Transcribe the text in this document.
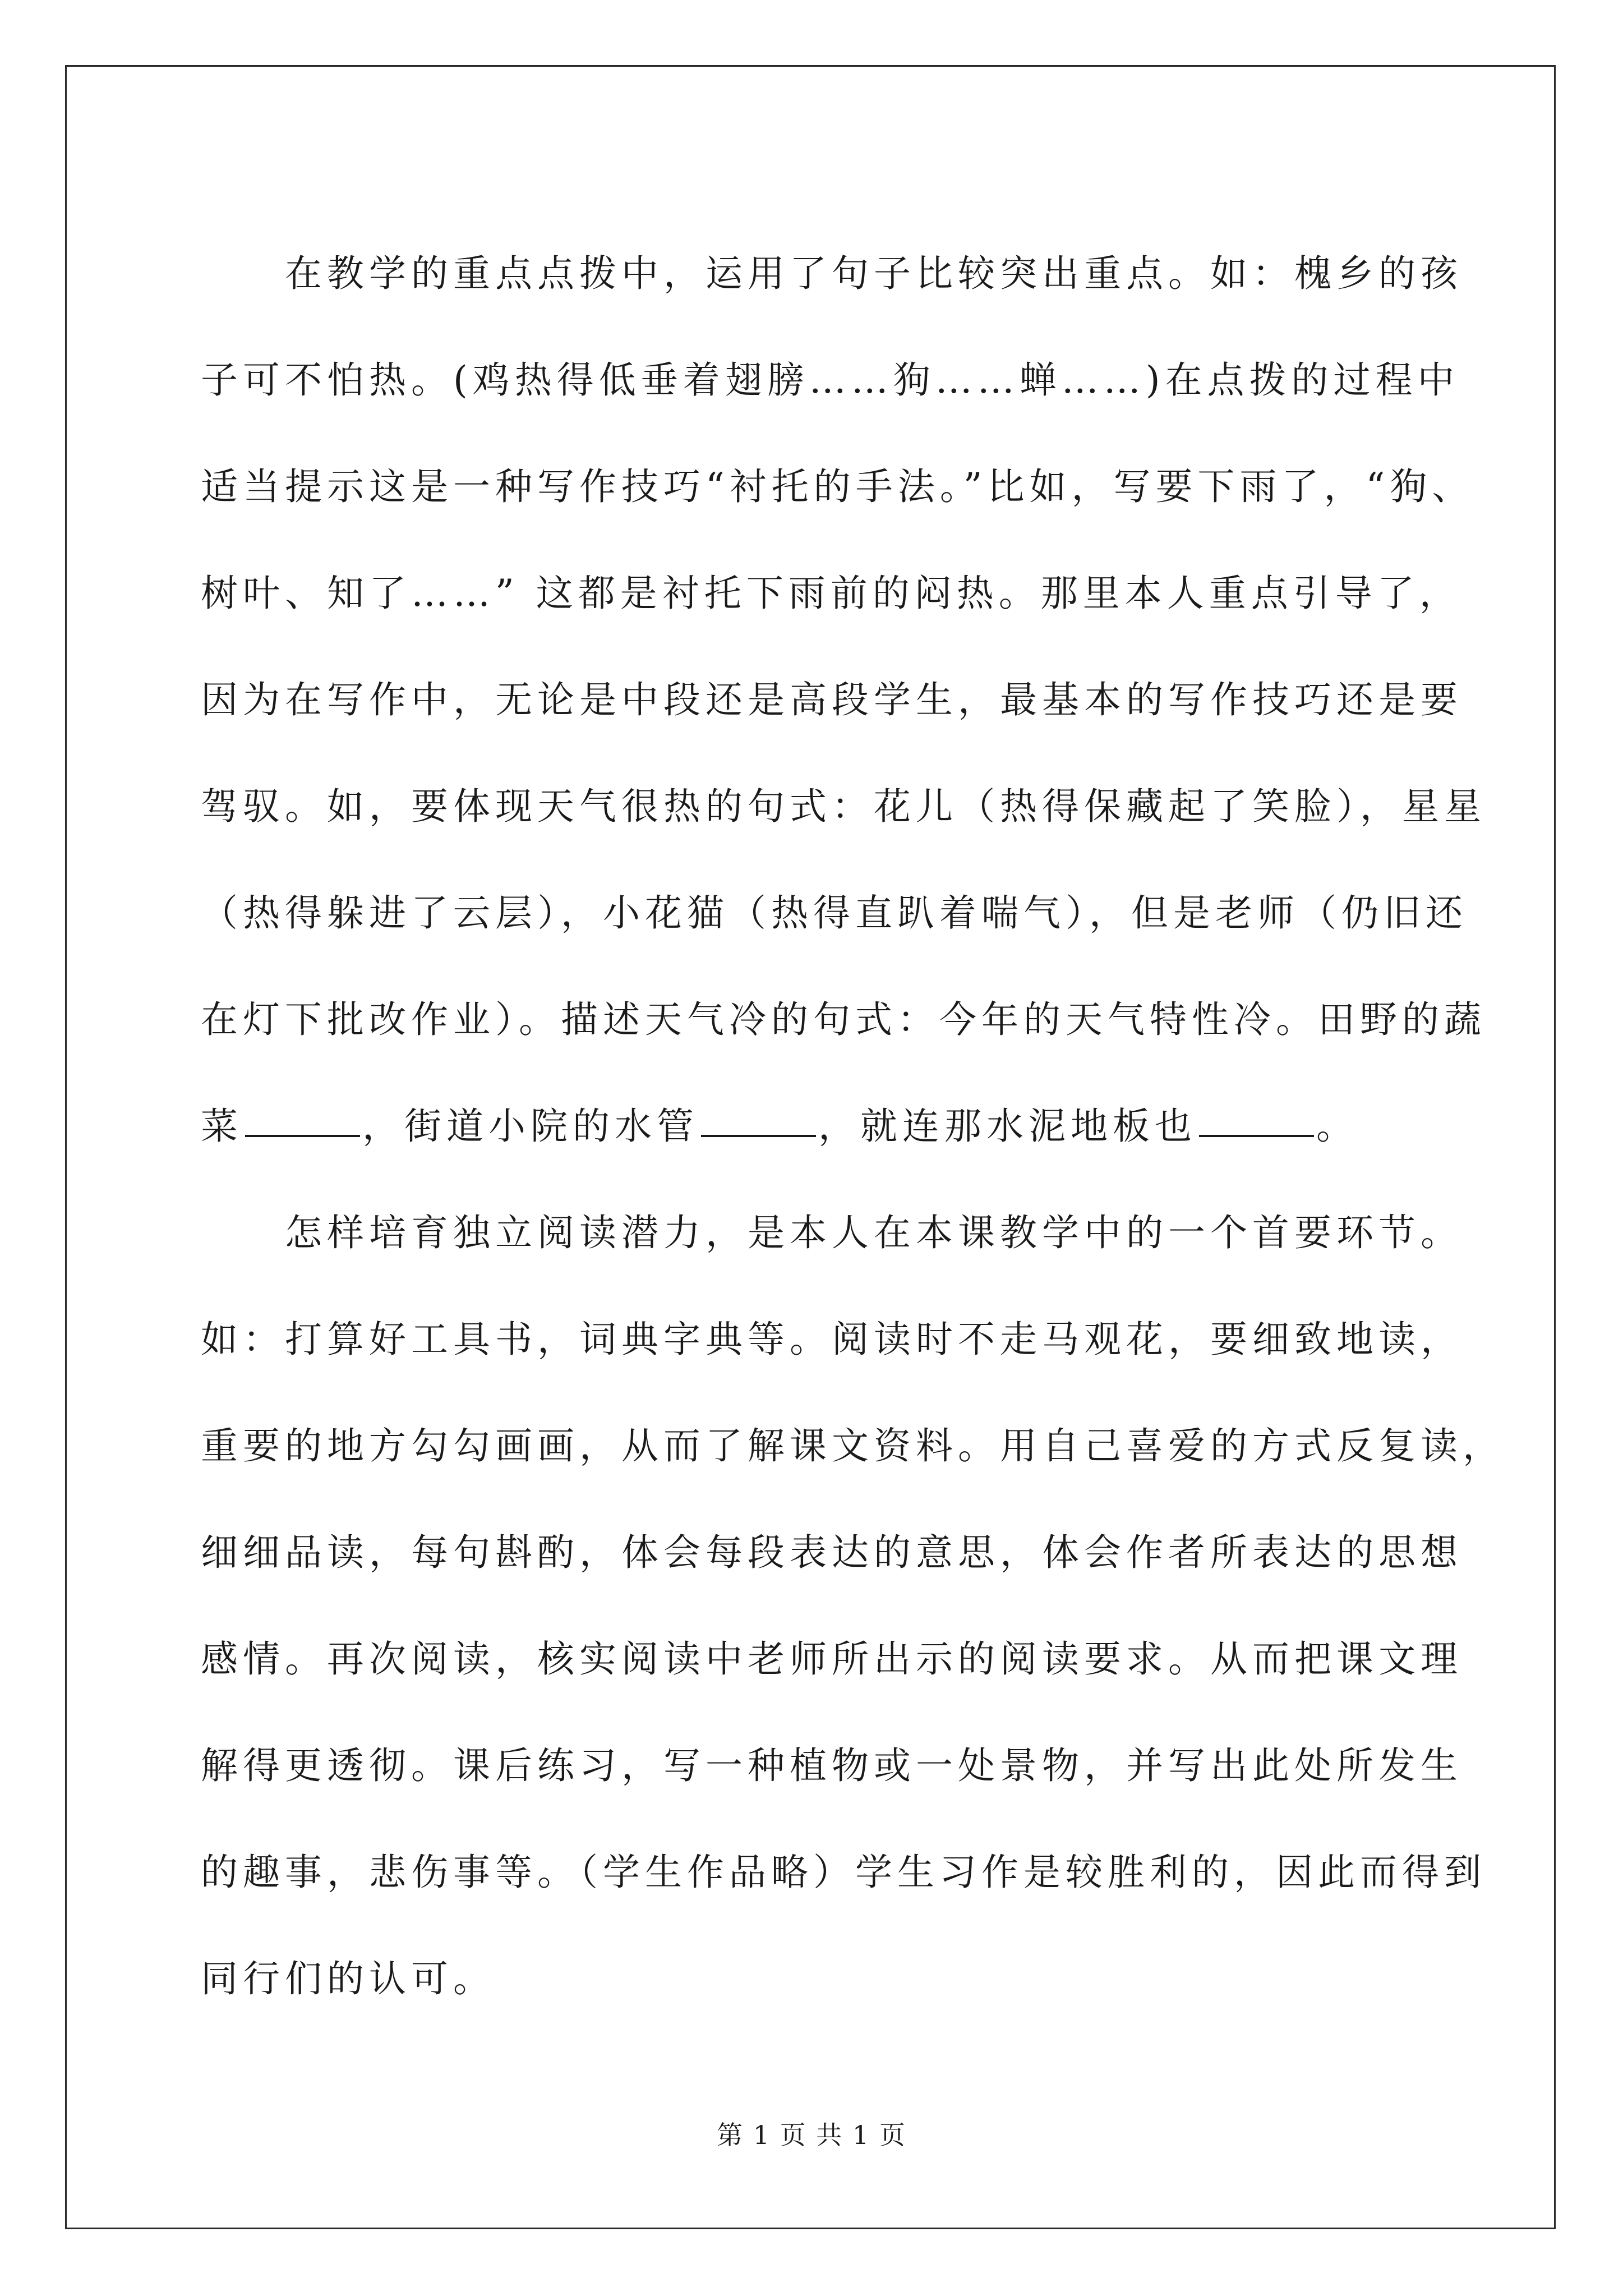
在教学的重点点拨中，运用了句子比较突出重点。如：槐乡的孩
子可不怕热。(鸡热得低垂着翅膀……狗……蝉……)在点拨的过程中
适当提示这是一种写作技巧“衬托的手法。”比如，写要下雨了，“狗、
树叶、知了……” 这都是衬托下雨前的闷热。那里本人重点引导了，
因为在写作中，无论是中段还是高段学生，最基本的写作技巧还是要
驾驭。如，要体现天气很热的句式：花儿（热得保藏起了笑脸），星星
（热得躲进了云层），小花猫（热得直趴着喘气），但是老师（仍旧还
在灯下批改作业）。描述天气冷的句式：今年的天气特性冷。田野的蔬
菜	，街道小院的水管	，就连那水泥地板也	。
怎样培育独立阅读潜力，是本人在本课教学中的一个首要环节。
如：打算好工具书，词典字典等。阅读时不走马观花，要细致地读，
重要的地方勾勾画画，从而了解课文资料。用自己喜爱的方式反复读，
细细品读，每句斟酌，体会每段表达的意思，体会作者所表达的思想
感情。再次阅读，核实阅读中老师所出示的阅读要求。从而把课文理
解得更透彻。课后练习，写一种植物或一处景物，并写出此处所发生
的趣事，悲伤事等。（学生作品略）学生习作是较胜利的，因此而得到
同行们的认可。
第 1 页 共 1 页
